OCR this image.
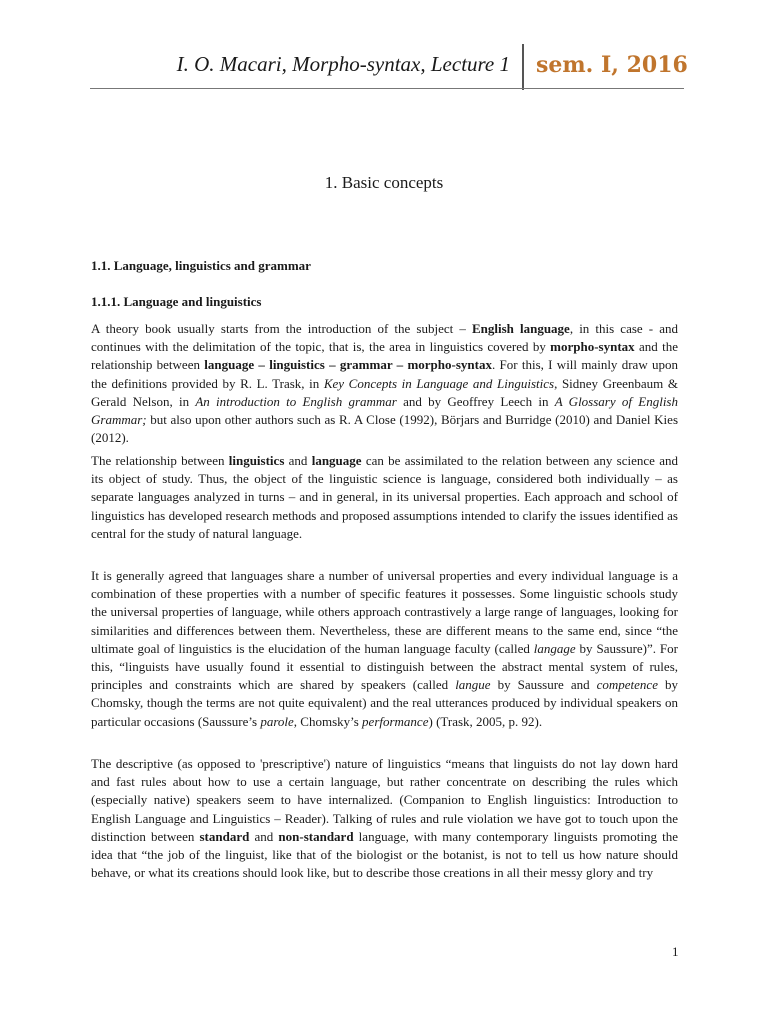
I. O. Macari, Morpho-syntax, Lecture 1 sem. I, 2016
1. Basic concepts
1.1. Language, linguistics and grammar
1.1.1. Language and linguistics

A theory book usually starts from the introduction of the subject – English language, in this case - and continues with the delimitation of the topic, that is, the area in linguistics covered by morpho-syntax and the relationship between language – linguistics – grammar – morpho-syntax. For this, I will mainly draw upon the definitions provided by R. L. Trask, in Key Concepts in Language and Linguistics, Sidney Greenbaum & Gerald Nelson, in An introduction to English grammar and by Geoffrey Leech in A Glossary of English Grammar; but also upon other authors such as R. A Close (1992), Börjars and Burridge (2010) and Daniel Kies (2012).

The relationship between linguistics and language can be assimilated to the relation between any science and its object of study. Thus, the object of the linguistic science is language, considered both individually – as separate languages analyzed in turns – and in general, in its universal properties. Each approach and school of linguistics has developed research methods and proposed assumptions intended to clarify the issues identified as central for the study of natural language.

It is generally agreed that languages share a number of universal properties and every individual language is a combination of these properties with a number of specific features it possesses. Some linguistic schools study the universal properties of language, while others approach contrastively a large range of languages, looking for similarities and differences between them. Nevertheless, these are different means to the same end, since “the ultimate goal of linguistics is the elucidation of the human language faculty (called langage by Saussure)”. For this, “linguists have usually found it essential to distinguish between the abstract mental system of rules, principles and constraints which are shared by speakers (called langue by Saussure and competence by Chomsky, though the terms are not quite equivalent) and the real utterances produced by individual speakers on particular occasions (Saussure’s parole, Chomsky’s performance) (Trask, 2005, p. 92).

The descriptive (as opposed to 'prescriptive') nature of linguistics “means that linguists do not lay down hard and fast rules about how to use a certain language, but rather concentrate on describing the rules which (especially native) speakers seem to have internalized. (Companion to English linguistics: Introduction to English Language and Linguistics – Reader). Talking of rules and rule violation we have got to touch upon the distinction between standard and non-standard language, with many contemporary linguists promoting the idea that “the job of the linguist, like that of the biologist or the botanist, is not to tell us how nature should behave, or what its creations should look like, but to describe those creations in all their messy glory and try

1
